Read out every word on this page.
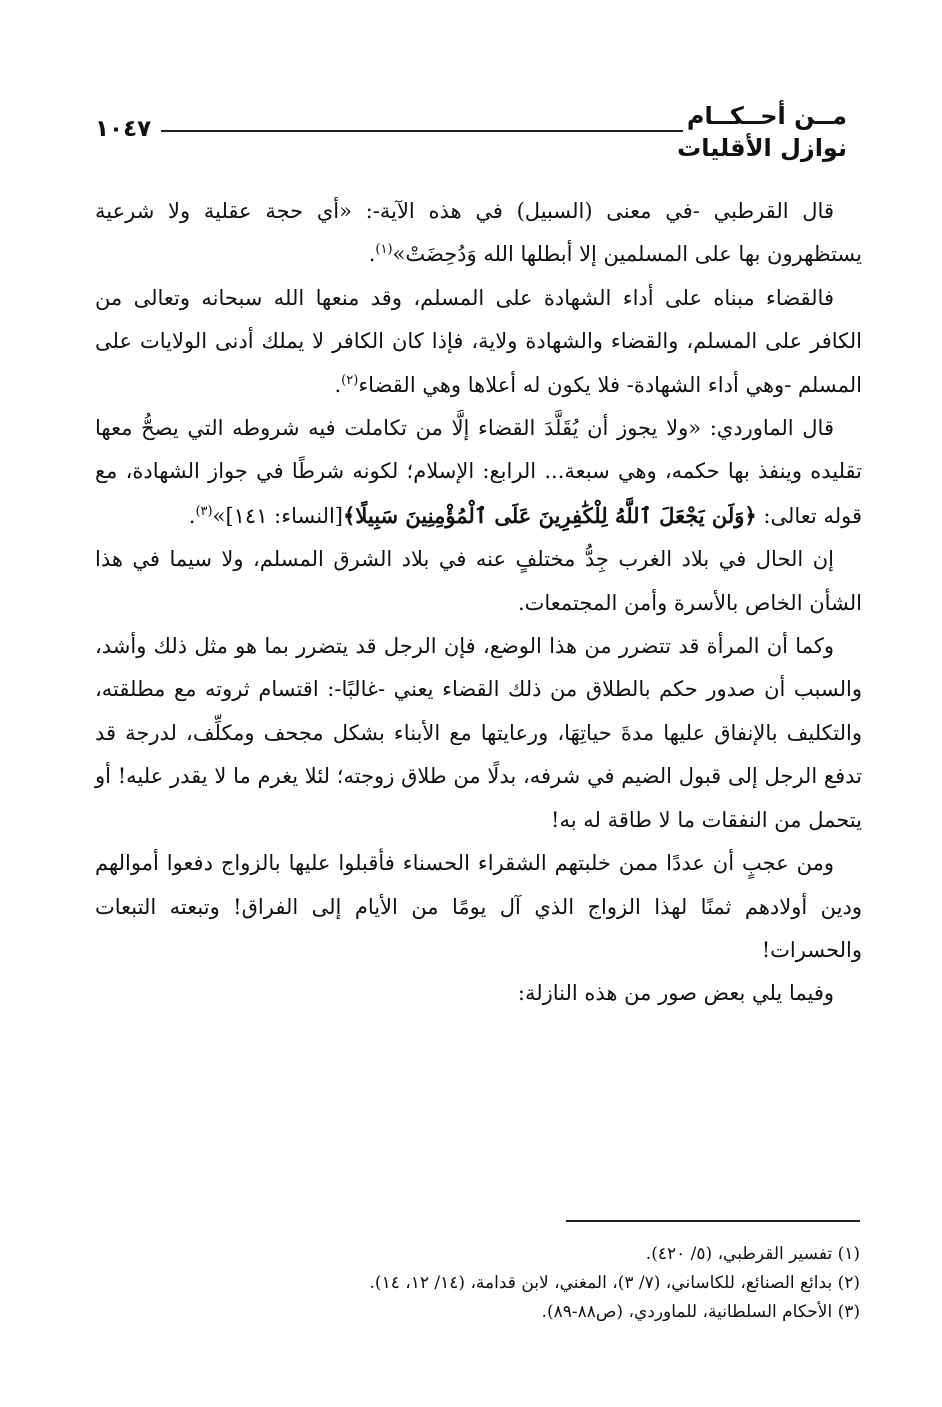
مــن أحــكــام
نوازل الأقليات
١٠٤٧

قال القرطبي -في معنى (السبيل) في هذه الآية-: «أي حجة عقلية ولا شرعية يستظهرون بها على المسلمين إلا أبطلها الله وَدُحِضَتْ»$^{(١)}$.

فالقضاء مبناه على أداء الشهادة على المسلم، وقد منعها الله سبحانه وتعالى من الكافر على المسلم، والقضاء والشهادة ولاية، فإذا كان الكافر لا يملك أدنى الولايات على المسلم -وهي أداء الشهادة- فلا يكون له أعلاها وهي القضاء$^{(٢)}$.

قال الماوردي: «ولا يجوز أن يُقَلَّدَ القضاء إلَّا من تكاملت فيه شروطه التي يصحُّ معها تقليده وينفذ بها حكمه، وهي سبعة... الرابع: الإسلام؛ لكونه شرطًا في جواز الشهادة، مع قوله تعالى: ﴿وَلَن يَجْعَلَ ٱللَّهُ لِلْكَٰفِرِينَ عَلَى ٱلْمُؤْمِنِينَ سَبِيلًا﴾[النساء: ١٤١]»$^{(٣)}$.

إن الحال في بلاد الغرب جِدُّ مختلفٍ عنه في بلاد الشرق المسلم، ولا سيما في هذا الشأن الخاص بالأسرة وأمن المجتمعات.

وكما أن المرأة قد تتضرر من هذا الوضع، فإن الرجل قد يتضرر بما هو مثل ذلك وأشد، والسبب أن صدور حكم بالطلاق من ذلك القضاء يعني -غالبًا-: اقتسام ثروته مع مطلقته، والتكليف بالإنفاق عليها مدةَ حياتِهَا، ورعايتها مع الأبناء بشكل مجحف ومكلِّف، لدرجة قد تدفع الرجل إلى قبول الضيم في شرفه، بدلًا من طلاق زوجته؛ لئلا يغرم ما لا يقدر عليه! أو يتحمل من النفقات ما لا طاقة له به!

ومن عجبٍ أن عددًا ممن خلبتهم الشقراء الحسناء فأقبلوا عليها بالزواج دفعوا أموالهم ودين أولادهم ثمنًا لهذا الزواج الذي آل يومًا من الأيام إلى الفراق! وتبعته التبعات والحسرات!

وفيما يلي بعض صور من هذه النازلة:

(١) تفسير القرطبي، (٥/ ٤٢٠).
(٢) بدائع الصنائع، للكاساني، (٧/ ٣)، المغني، لابن قدامة، (١٤/ ١٢، ١٤).
(٣) الأحكام السلطانية، للماوردي، (ص٨٨-٨٩).
